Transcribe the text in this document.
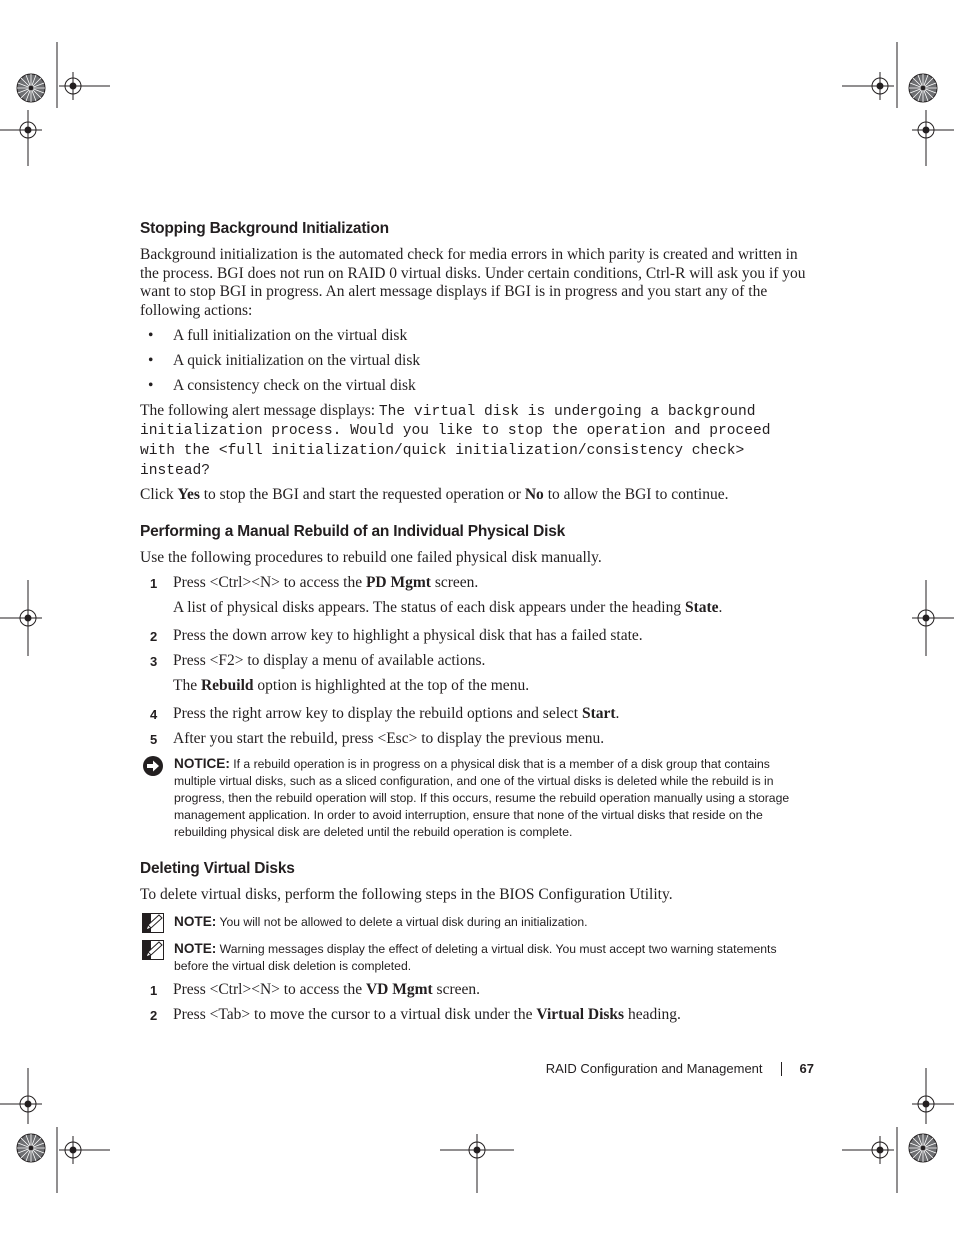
Stopping Background Initialization

Background initialization is the automated check for media errors in which parity is created and written in the process. BGI does not run on RAID 0 virtual disks. Under certain conditions, Ctrl-R will ask you if you want to stop BGI in progress. An alert message displays if BGI is in progress and you start any of the following actions:

• A full initialization on the virtual disk
• A quick initialization on the virtual disk
• A consistency check on the virtual disk

The following alert message displays: The virtual disk is undergoing a background initialization process. Would you like to stop the operation and proceed with the <full initialization/quick initialization/consistency check> instead?

Click Yes to stop the BGI and start the requested operation or No to allow the BGI to continue.

Performing a Manual Rebuild of an Individual Physical Disk

Use the following procedures to rebuild one failed physical disk manually.

1 Press <Ctrl><N> to access the PD Mgmt screen.
A list of physical disks appears. The status of each disk appears under the heading State.
2 Press the down arrow key to highlight a physical disk that has a failed state.
3 Press <F2> to display a menu of available actions.
The Rebuild option is highlighted at the top of the menu.
4 Press the right arrow key to display the rebuild options and select Start.
5 After you start the rebuild, press <Esc> to display the previous menu.
NOTICE: If a rebuild operation is in progress on a physical disk that is a member of a disk group that contains multiple virtual disks, such as a sliced configuration, and one of the virtual disks is deleted while the rebuild is in progress, then the rebuild operation will stop. If this occurs, resume the rebuild operation manually using a storage management application. In order to avoid interruption, ensure that none of the virtual disks that reside on the rebuilding physical disk are deleted until the rebuild operation is complete.
Deleting Virtual Disks

To delete virtual disks, perform the following steps in the BIOS Configuration Utility.

NOTE: You will not be allowed to delete a virtual disk during an initialization.
NOTE: Warning messages display the effect of deleting a virtual disk. You must accept two warning statements before the virtual disk deletion is completed.
1 Press <Ctrl><N> to access the VD Mgmt screen.
2 Press <Tab> to move the cursor to a virtual disk under the Virtual Disks heading.
RAID Configuration and Management	67
